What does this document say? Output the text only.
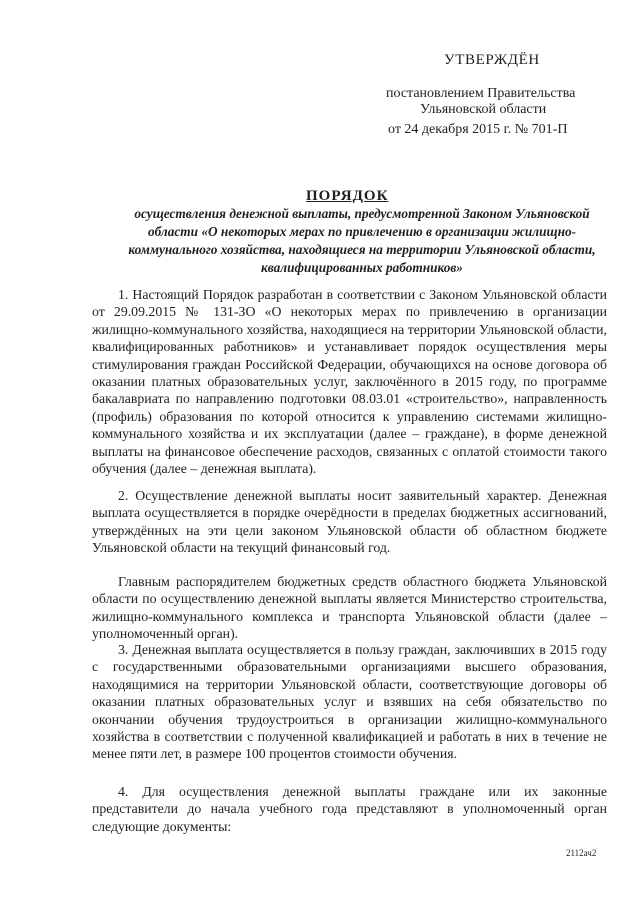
УТВЕРЖДЁН

постановлением Правительства

Ульяновской области

от 24 декабря 2015 г. № 701-П

ПОРЯДОК

осуществления денежной выплаты, предусмотренной Законом Ульяновской области «О некоторых мерах по привлечению в организации жилищно-коммунального хозяйства, находящиеся на территории Ульяновской области, квалифицированных работников»

1. Настоящий Порядок разработан в соответствии с Законом Ульяновской области от 29.09.2015 № 131-ЗО «О некоторых мерах по привлечению в организации жилищно-коммунального хозяйства, находящиеся на территории Ульяновской области, квалифицированных работников» и устанавливает порядок осуществления меры стимулирования граждан Российской Федерации, обучающихся на основе договора об оказании платных образовательных услуг, заключённого в 2015 году, по программе бакалавриата по направлению подготовки 08.03.01 «строительство», направленность (профиль) образования по которой относится к управлению системами жилищно-коммунального хозяйства и их эксплуатации (далее – граждане), в форме денежной выплаты на финансовое обеспечение расходов, связанных с оплатой стоимости такого обучения (далее – денежная выплата).

2. Осуществление денежной выплаты носит заявительный характер. Денежная выплата осуществляется в порядке очерёдности в пределах бюджетных ассигнований, утверждённых на эти цели законом Ульяновской области об областном бюджете Ульяновской области на текущий финансовый год.

Главным распорядителем бюджетных средств областного бюджета Ульяновской области по осуществлению денежной выплаты является Министерство строительства, жилищно-коммунального комплекса и транспорта Ульяновской области (далее – уполномоченный орган).

3. Денежная выплата осуществляется в пользу граждан, заключивших в 2015 году с государственными образовательными организациями высшего образования, находящимися на территории Ульяновской области, соответствующие договоры об оказании платных образовательных услуг и взявших на себя обязательство по окончании обучения трудоустроиться в организации жилищно-коммунального хозяйства в соответствии с полученной квалификацией и работать в них в течение не менее пяти лет, в размере 100 процентов стоимости обучения.

4. Для осуществления денежной выплаты граждане или их законные представители до начала учебного года представляют в уполномоченный орган следующие документы:

2112ач2
